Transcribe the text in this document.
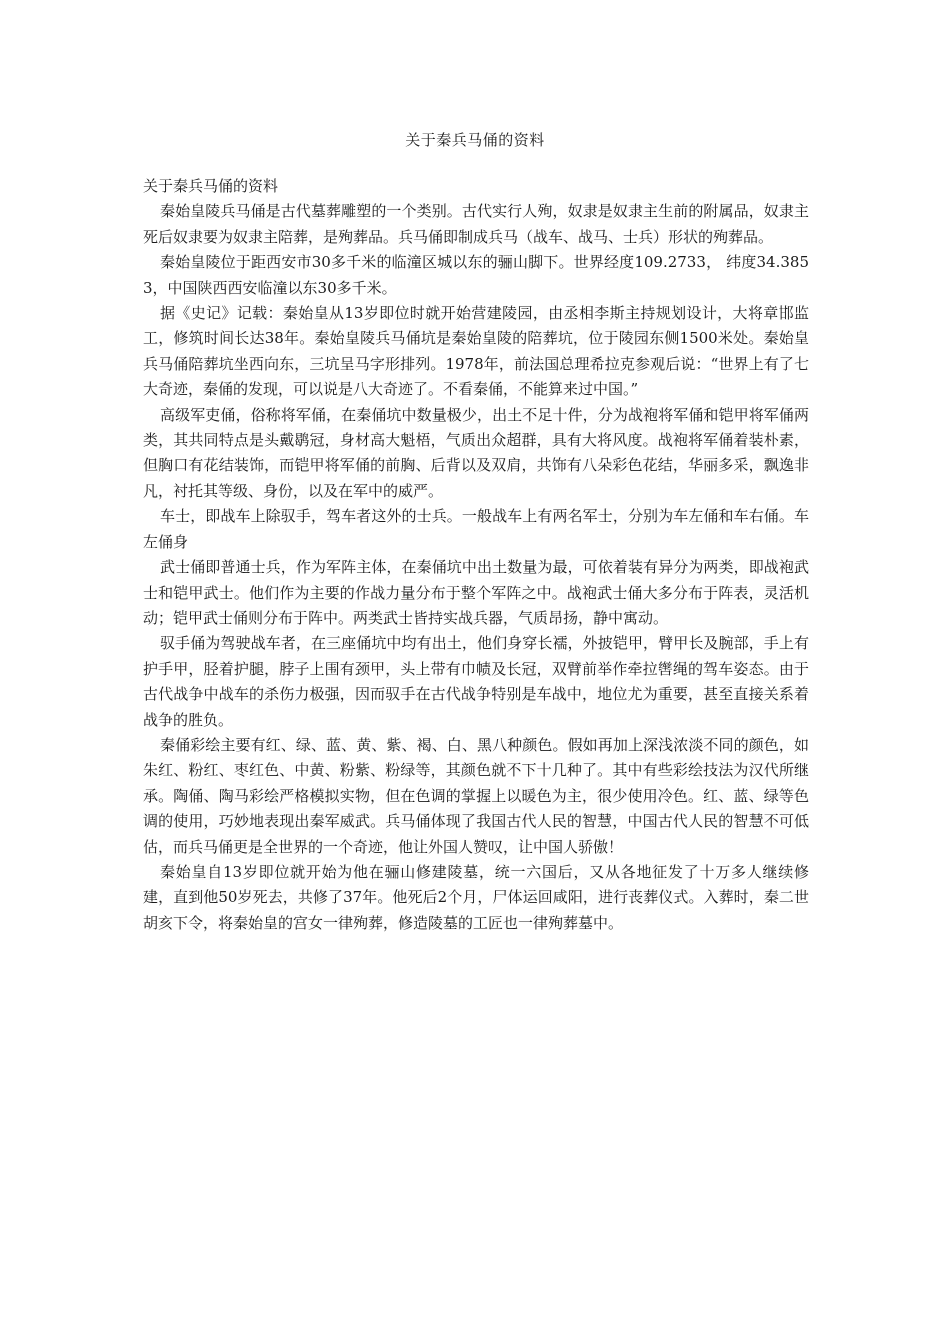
关于秦兵马俑的资料

关于秦兵马俑的资料

秦始皇陵兵马俑是古代墓葬雕塑的一个类别。古代实行人殉，奴隶是奴隶主生前的附属品，奴隶主死后奴隶要为奴隶主陪葬，是殉葬品。兵马俑即制成兵马（战车、战马、士兵）形状的殉葬品。

秦始皇陵位于距西安市30多千米的临潼区城以东的骊山脚下。世界经度109.2733， 纬度34.3853，中国陕西西安临潼以东30多千米。

据《史记》记载：秦始皇从13岁即位时就开始营建陵园，由丞相李斯主持规划设计，大将章邯监工，修筑时间长达38年。秦始皇陵兵马俑坑是秦始皇陵的陪葬坑，位于陵园东侧1500米处。秦始皇兵马俑陪葬坑坐西向东，三坑呈马字形排列。1978年，前法国总理希拉克参观后说：“世界上有了七大奇迹，秦俑的发现，可以说是八大奇迹了。不看秦俑，不能算来过中国。”

高级军吏俑，俗称将军俑，在秦俑坑中数量极少，出土不足十件，分为战袍将军俑和铠甲将军俑两类，其共同特点是头戴鹖冠，身材高大魁梧，气质出众超群，具有大将风度。战袍将军俑着装朴素，但胸口有花结装饰，而铠甲将军俑的前胸、后背以及双肩，共饰有八朵彩色花结，华丽多采，飘逸非凡，衬托其等级、身份，以及在军中的威严。

车士，即战车上除驭手，驾车者这外的士兵。一般战车上有两名军士，分别为车左俑和车右俑。车左俑身

武士俑即普通士兵，作为军阵主体，在秦俑坑中出土数量为最，可依着装有异分为两类，即战袍武士和铠甲武士。他们作为主要的作战力量分布于整个军阵之中。战袍武士俑大多分布于阵表，灵活机动；铠甲武士俑则分布于阵中。两类武士皆持实战兵器，气质昂扬，静中寓动。

驭手俑为驾驶战车者，在三座俑坑中均有出土，他们身穿长襦，外披铠甲，臂甲长及腕部，手上有护手甲，胫着护腿，脖子上围有颈甲，头上带有巾帻及长冠，双臂前举作牵拉辔绳的驾车姿态。由于古代战争中战车的杀伤力极强，因而驭手在古代战争特别是车战中，地位尤为重要，甚至直接关系着战争的胜负。

秦俑彩绘主要有红、绿、蓝、黄、紫、褐、白、黑八种颜色。假如再加上深浅浓淡不同的颜色，如朱红、粉红、枣红色、中黄、粉紫、粉绿等，其颜色就不下十几种了。其中有些彩绘技法为汉代所继承。陶俑、陶马彩绘严格模拟实物，但在色调的掌握上以暖色为主，很少使用冷色。红、蓝、绿等色调的使用，巧妙地表现出秦军威武。兵马俑体现了我国古代人民的智慧，中国古代人民的智慧不可低估，而兵马俑更是全世界的一个奇迹，他让外国人赞叹，让中国人骄傲！

秦始皇自13岁即位就开始为他在骊山修建陵墓，统一六国后，又从各地征发了十万多人继续修建，直到他50岁死去，共修了37年。他死后2个月，尸体运回咸阳，进行丧葬仪式。入葬时，秦二世胡亥下令，将秦始皇的宫女一律殉葬，修造陵墓的工匠也一律殉葬墓中。
